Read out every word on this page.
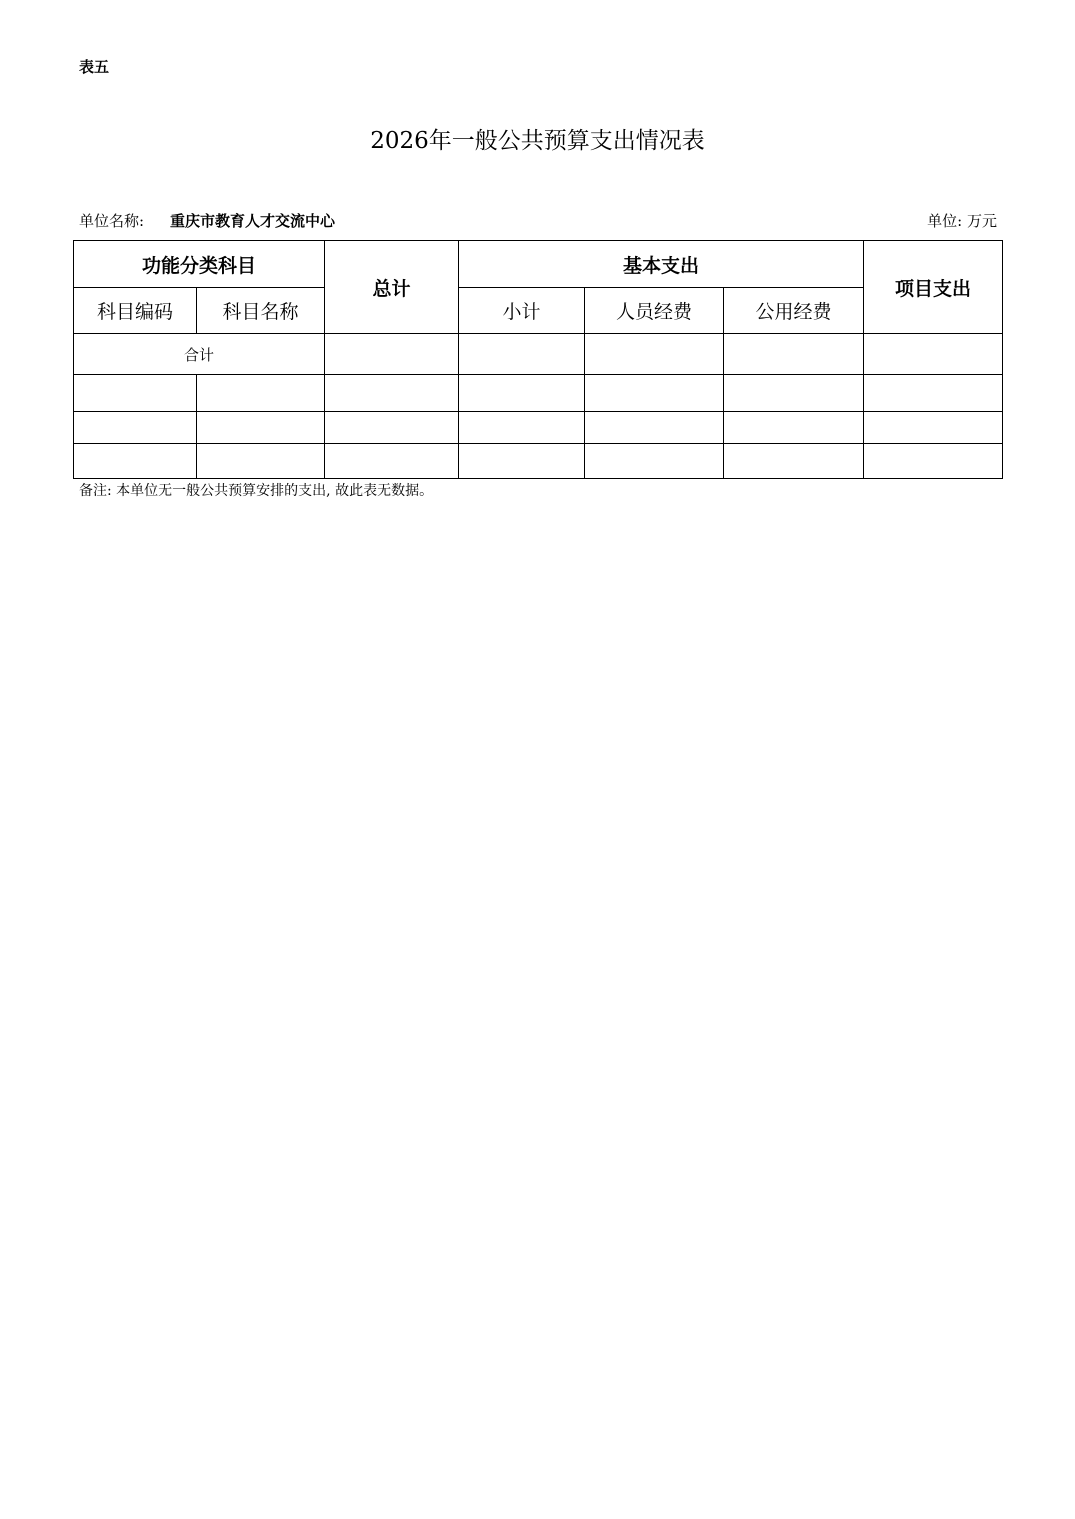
表五
2026年一般公共预算支出情况表
单位名称: 重庆市教育人才交流中心	单位: 万元
功能分类科目		总计	基本支出			项目支出
科目编码	科目名称		小计	人员经费	公用经费	
合计						

备注: 本单位无一般公共预算安排的支出, 故此表无数据。
